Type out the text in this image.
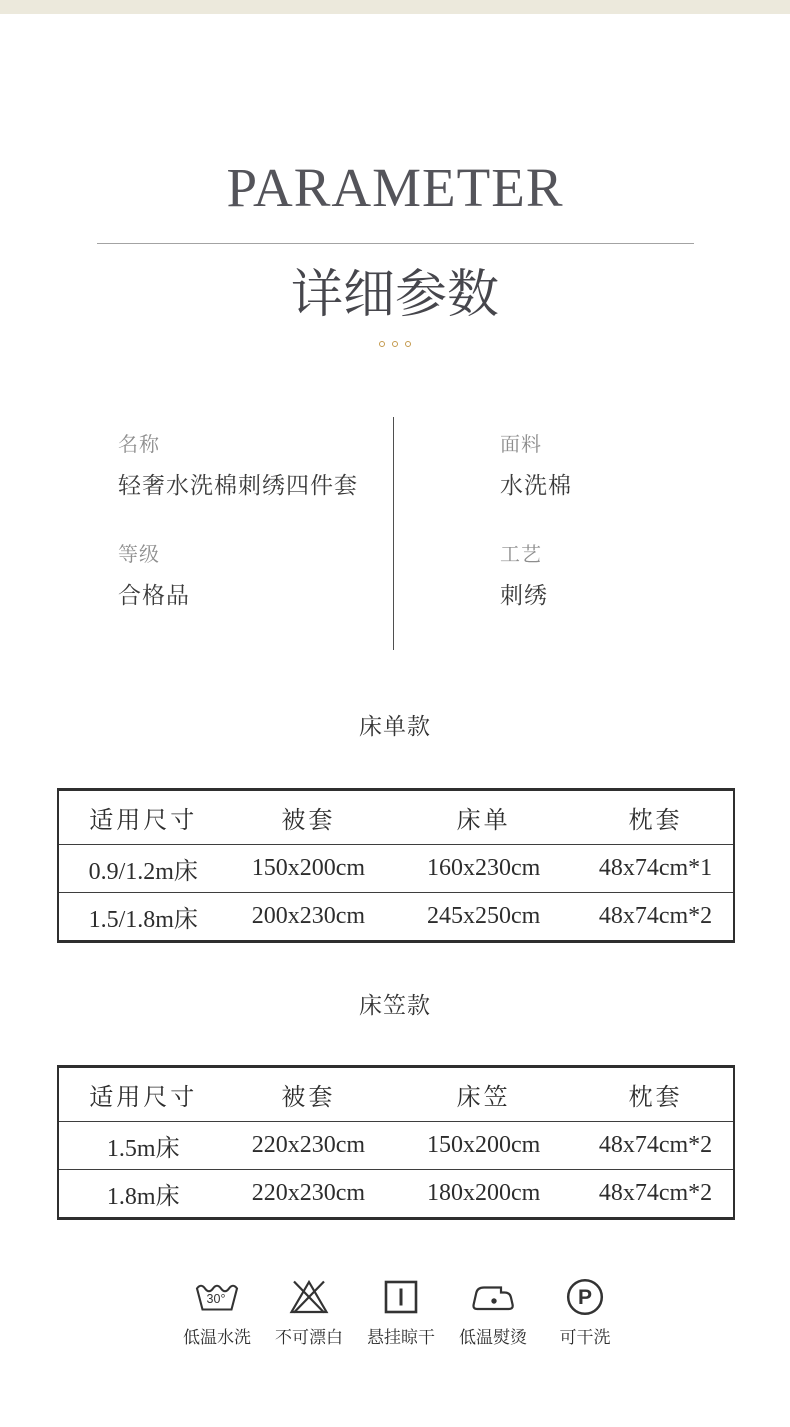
PARAMETER
详细参数
名称
轻奢水洗棉刺绣四件套
面料
水洗棉
等级
合格品
工艺
刺绣
床单款
适用尺寸	被套	床单	枕套
0.9/1.2m床	150x200cm	160x230cm	48x74cm*1
1.5/1.8m床	200x230cm	245x250cm	48x74cm*2
床笠款
适用尺寸	被套	床笠	枕套
1.5m床	220x230cm	150x200cm	48x74cm*2
1.8m床	220x230cm	180x200cm	48x74cm*2
30°
低温水洗 不可漂白 悬挂晾干 低温熨烫
P
可干洗
